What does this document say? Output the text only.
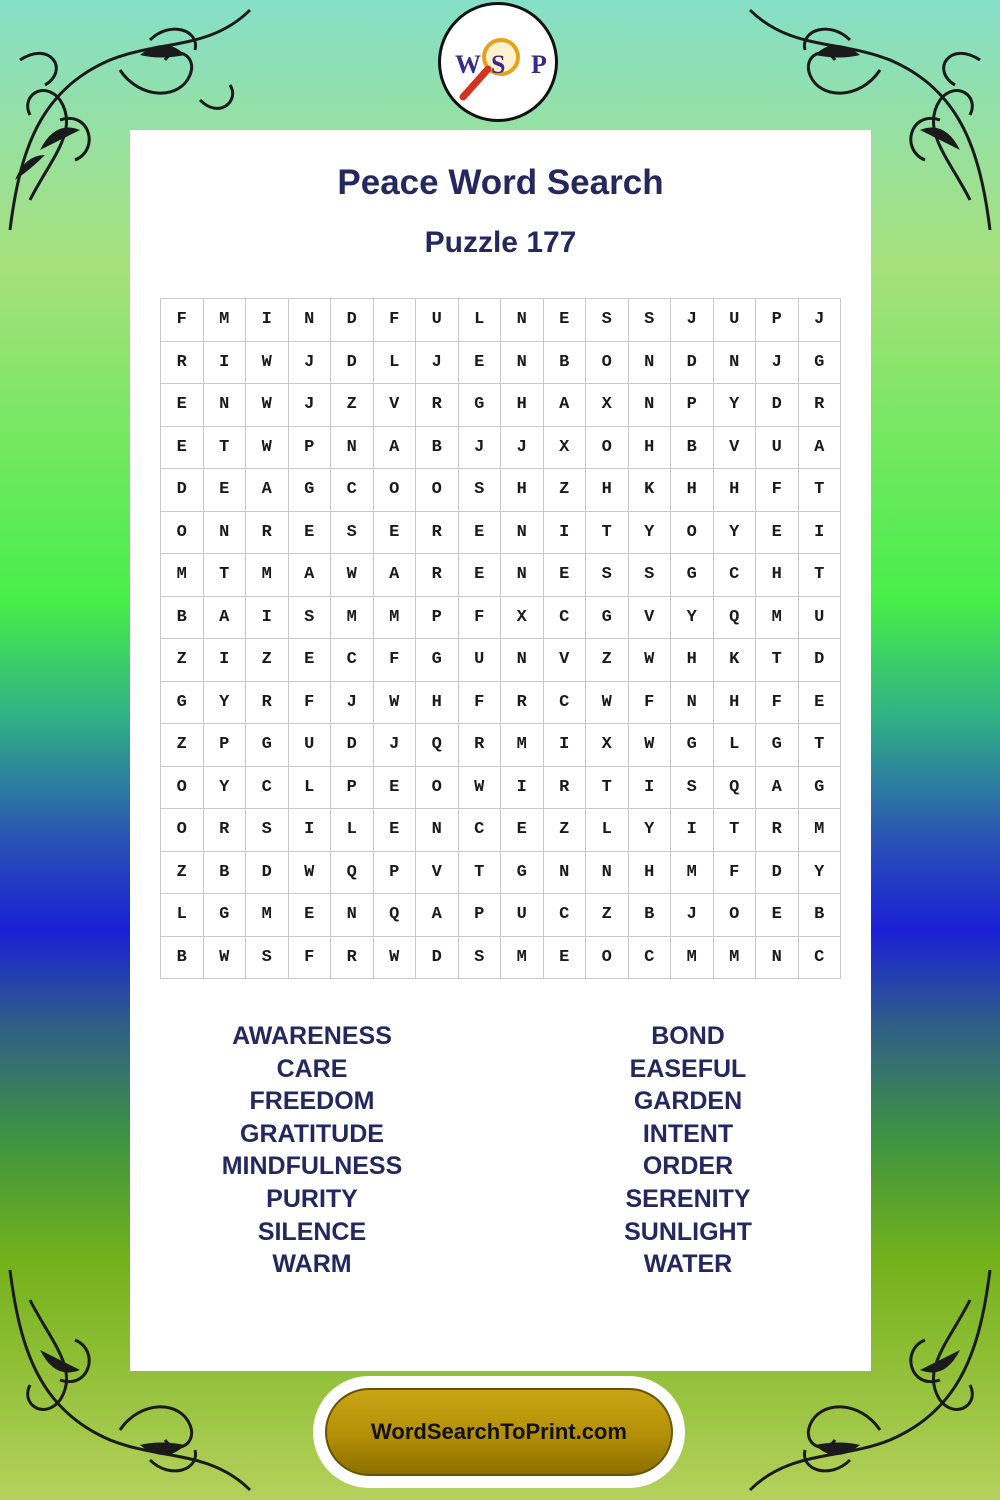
W S P
Peace Word Search
Puzzle 177
F	M	I	N	D	F	U	L	N	E	S	S	J	U	P	J
R	I	W	J	D	L	J	E	N	B	O	N	D	N	J	G
E	N	W	J	Z	V	R	G	H	A	X	N	P	Y	D	R
E	T	W	P	N	A	B	J	J	X	O	H	B	V	U	A
D	E	A	G	C	O	O	S	H	Z	H	K	H	H	F	T
O	N	R	E	S	E	R	E	N	I	T	Y	O	Y	E	I
M	T	M	A	W	A	R	E	N	E	S	S	G	C	H	T
B	A	I	S	M	M	P	F	X	C	G	V	Y	Q	M	U
Z	I	Z	E	C	F	G	U	N	V	Z	W	H	K	T	D
G	Y	R	F	J	W	H	F	R	C	W	F	N	H	F	E
Z	P	G	U	D	J	Q	R	M	I	X	W	G	L	G	T
O	Y	C	L	P	E	O	W	I	R	T	I	S	Q	A	G
O	R	S	I	L	E	N	C	E	Z	L	Y	I	T	R	M
Z	B	D	W	Q	P	V	T	G	N	N	H	M	F	D	Y
L	G	M	E	N	Q	A	P	U	C	Z	B	J	O	E	B
B	W	S	F	R	W	D	S	M	E	O	C	M	M	N	C
AWARENESS
CARE
FREEDOM
GRATITUDE
MINDFULNESS
PURITY
SILENCE
WARM
BOND
EASEFUL
GARDEN
INTENT
ORDER
SERENITY
SUNLIGHT
WATER
WordSearchToPrint.com
